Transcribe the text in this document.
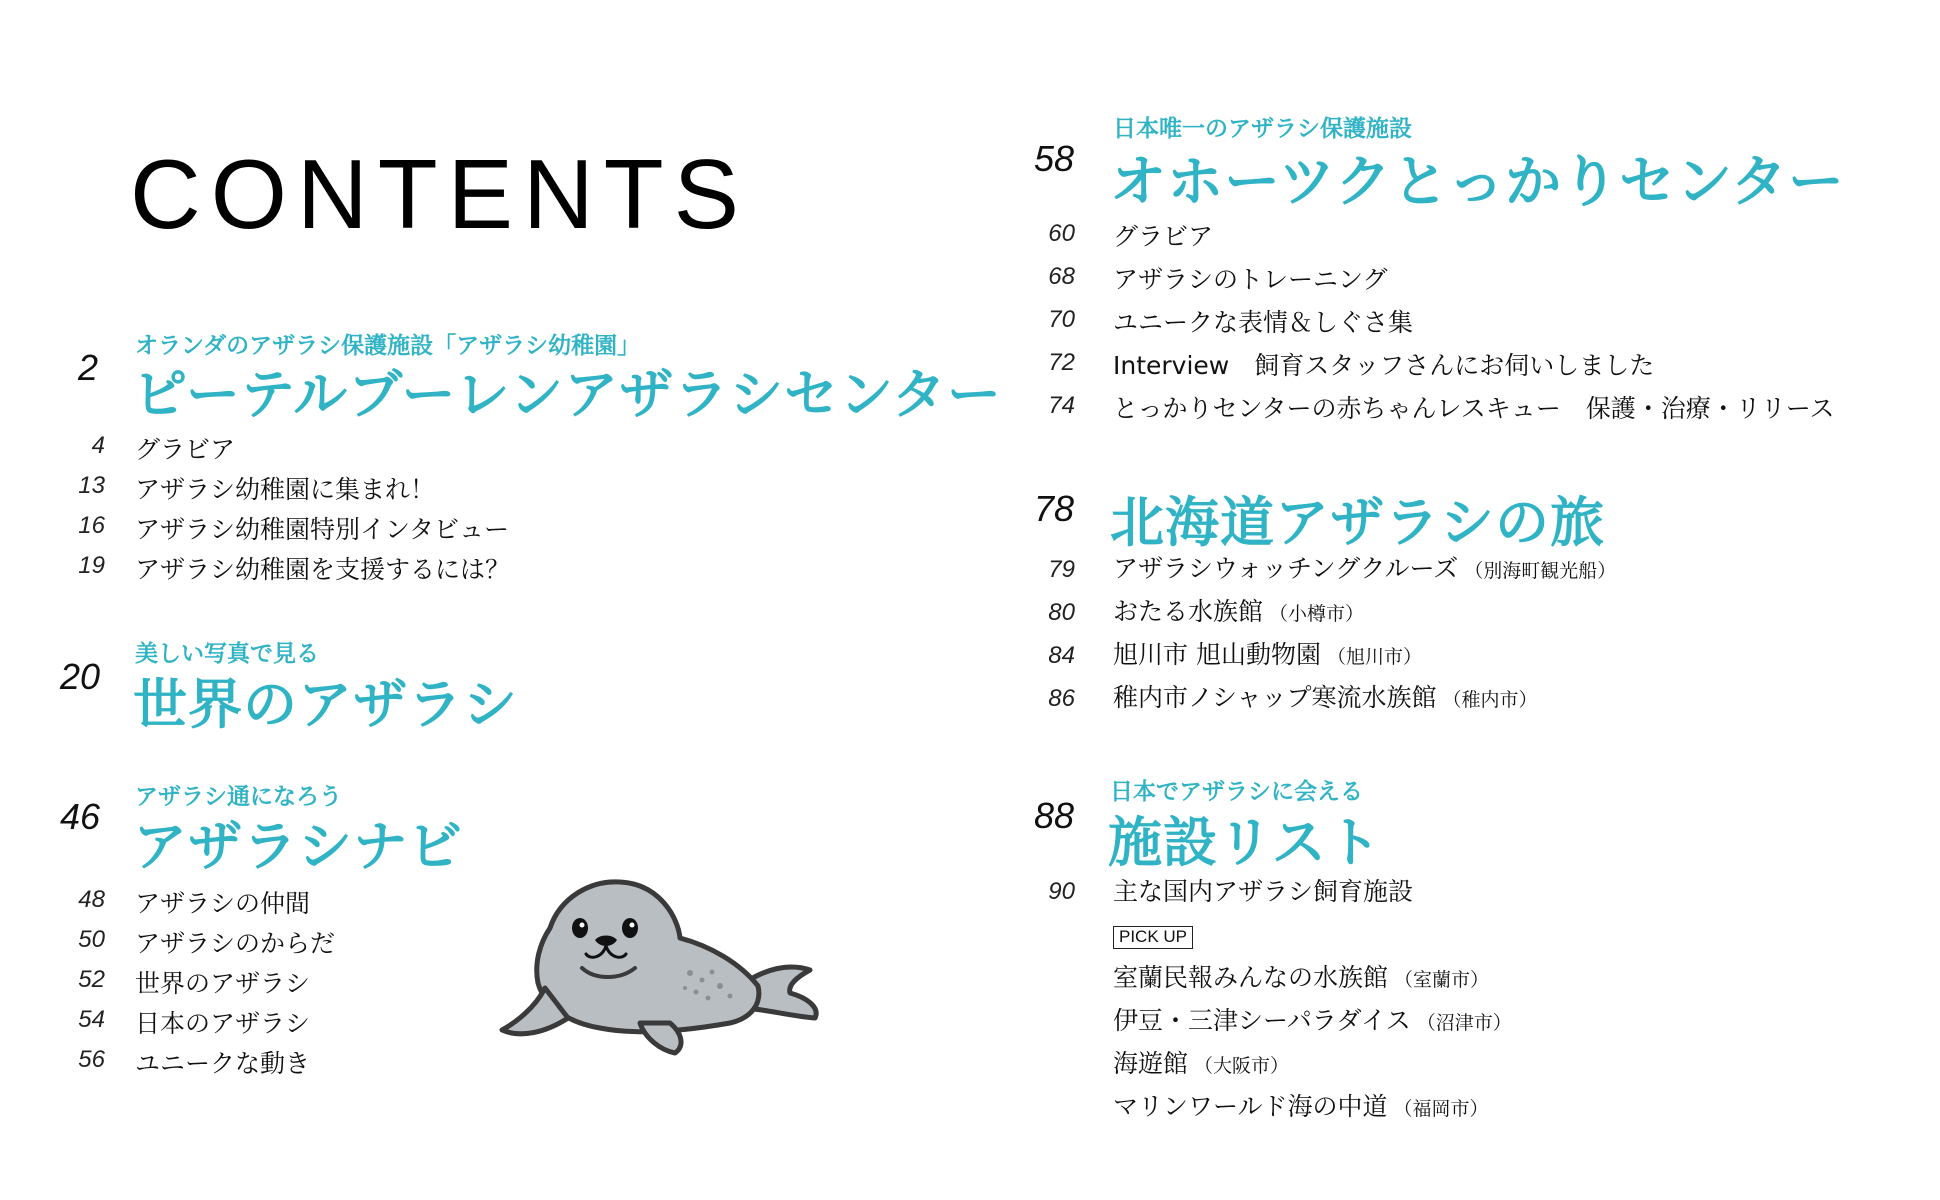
CONTENTS
2
オランダのアザラシ保護施設「アザラシ幼稚園」
ピーテルブーレンアザラシセンター
4 グラビア
13 アザラシ幼稚園に集まれ！
16 アザラシ幼稚園特別インタビュー
19 アザラシ幼稚園を支援するには？
20
美しい写真で見る
世界のアザラシ
46 アザラシ通になろう
アザラシナビ
48 アザラシの仲間
50 アザラシのからだ
52 世界のアザラシ
54 日本のアザラシ
56 ユニークな動き
58
日本唯一のアザラシ保護施設
オホーツクとっかりセンター
60 グラビア
68 アザラシのトレーニング
70 ユニークな表情＆しぐさ集
72 Interview　飼育スタッフさんにお伺いしました
74 とっかりセンターの赤ちゃんレスキュー　保護・治療・リリース
78 北海道アザラシの旅
79 アザラシウォッチングクルーズ （別海町観光船）
80 おたる水族館 （小樽市）
84 旭川市 旭山動物園 （旭川市）
86 稚内市ノシャップ寒流水族館 （稚内市）
88
日本でアザラシに会える
施設リスト
90 主な国内アザラシ飼育施設
PICK UP
室蘭民報みんなの水族館 （室蘭市）
伊豆・三津シーパラダイス （沼津市）
海遊館 （大阪市）
マリンワールド海の中道 （福岡市）
